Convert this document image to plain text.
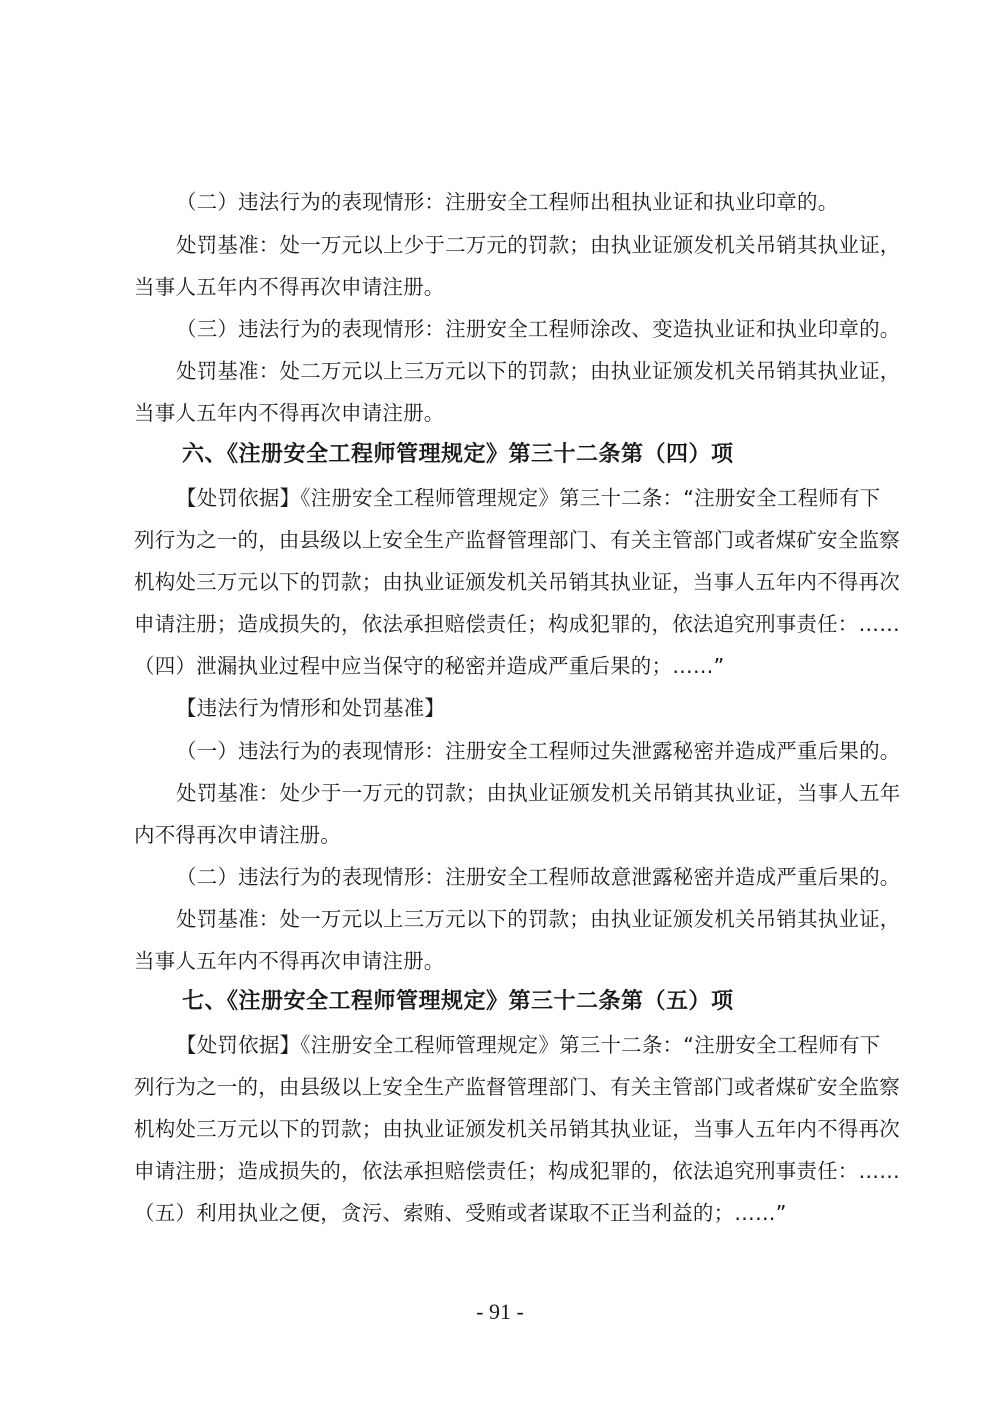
（二）违法行为的表现情形：注册安全工程师出租执业证和执业印章的。
处罚基准：处一万元以上少于二万元的罚款；由执业证颁发机关吊销其执业证，
当事人五年内不得再次申请注册。
（三）违法行为的表现情形：注册安全工程师涂改、变造执业证和执业印章的。
处罚基准：处二万元以上三万元以下的罚款；由执业证颁发机关吊销其执业证，
当事人五年内不得再次申请注册。
六、《注册安全工程师管理规定》第三十二条第（四）项
【处罚依据】《注册安全工程师管理规定》第三十二条：“注册安全工程师有下
列行为之一的，由县级以上安全生产监督管理部门、有关主管部门或者煤矿安全监察
机构处三万元以下的罚款；由执业证颁发机关吊销其执业证，当事人五年内不得再次
申请注册；造成损失的，依法承担赔偿责任；构成犯罪的，依法追究刑事责任：……
（四）泄漏执业过程中应当保守的秘密并造成严重后果的；……”
【违法行为情形和处罚基准】
（一）违法行为的表现情形：注册安全工程师过失泄露秘密并造成严重后果的。
处罚基准：处少于一万元的罚款；由执业证颁发机关吊销其执业证，当事人五年
内不得再次申请注册。
（二）违法行为的表现情形：注册安全工程师故意泄露秘密并造成严重后果的。
处罚基准：处一万元以上三万元以下的罚款；由执业证颁发机关吊销其执业证，
当事人五年内不得再次申请注册。
七、《注册安全工程师管理规定》第三十二条第（五）项
【处罚依据】《注册安全工程师管理规定》第三十二条：“注册安全工程师有下
列行为之一的，由县级以上安全生产监督管理部门、有关主管部门或者煤矿安全监察
机构处三万元以下的罚款；由执业证颁发机关吊销其执业证，当事人五年内不得再次
申请注册；造成损失的，依法承担赔偿责任；构成犯罪的，依法追究刑事责任：……
（五）利用执业之便，贪污、索贿、受贿或者谋取不正当利益的；……”
- 91 -
